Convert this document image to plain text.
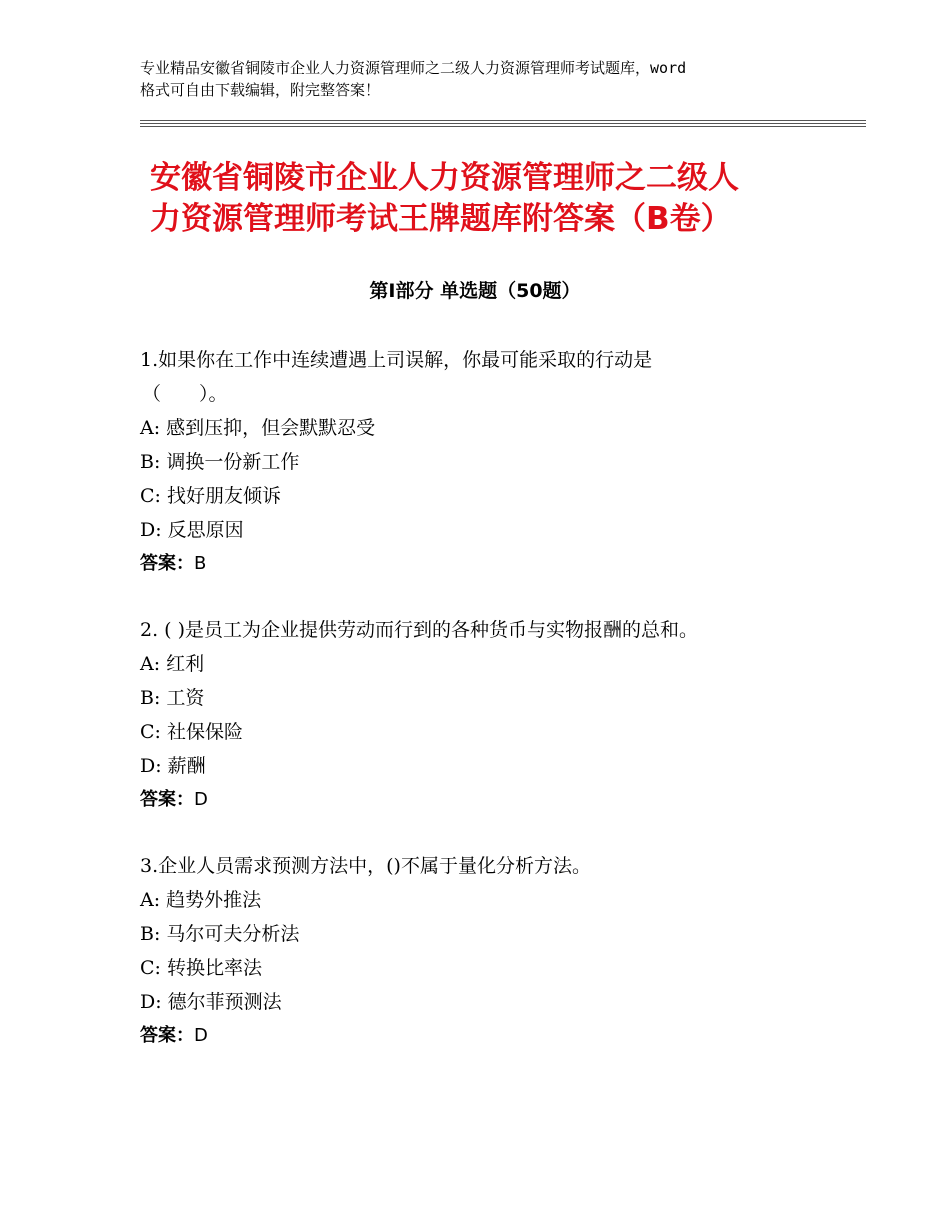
专业精品安徽省铜陵市企业人力资源管理师之二级人力资源管理师考试题库，word
格式可自由下载编辑，附完整答案！
安徽省铜陵市企业人力资源管理师之二级人
力资源管理师考试王牌题库附答案（B卷）
第Ⅰ部分 单选题（50题）
1.如果你在工作中连续遭遇上司误解，你最可能采取的行动是
（　　）。
A: 感到压抑，但会默默忍受
B: 调换一份新工作
C: 找好朋友倾诉
D: 反思原因
答案：B
2. ( )是员工为企业提供劳动而行到的各种货币与实物报酬的总和。
A: 红利
B: 工资
C: 社保保险
D: 薪酬
答案：D
3.企业人员需求预测方法中，()不属于量化分析方法。
A: 趋势外推法
B: 马尔可夫分析法
C: 转换比率法
D: 德尔菲预测法
答案：D
